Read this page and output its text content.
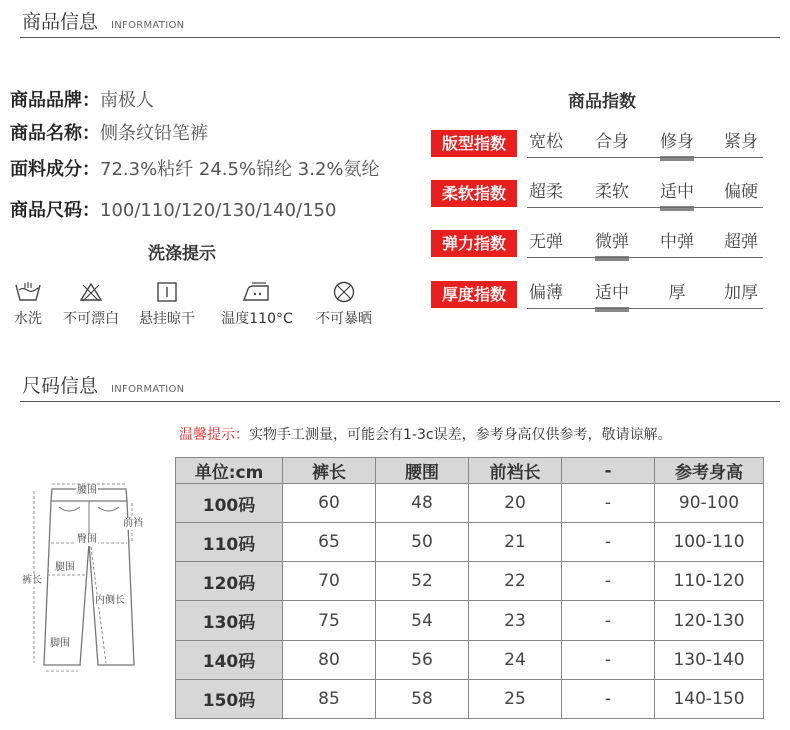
商品信息 INFORMATION
商品品牌：南极人
商品名称：侧条纹铅笔裤
面料成分：72.3%粘纤 24.5%锦纶 3.2%氨纶
商品尺码：100/110/120/130/140/150
洗涤提示
水洗	不可漂白	悬挂晾干	温度110°C	不可暴晒
商品指数
版型指数	宽松	合身	修身	紧身
柔软指数	超柔	柔软	适中	偏硬
弹力指数	无弹	微弹	中弹	超弹
厚度指数	偏薄	适中	厚	加厚
尺码信息 INFORMATION
温馨提示：实物手工测量，可能会有1-3c误差，参考身高仅供参考，敬请谅解。
腰围
前裆
臀围
裤长
腿围
内侧长
脚围
单位:cm	裤长	腰围	前裆长	-	参考身高
100码	60	48	20	-	90-100
110码	65	50	21	-	100-110
120码	70	52	22	-	110-120
130码	75	54	23	-	120-130
140码	80	56	24	-	130-140
150码	85	58	25	-	140-150
